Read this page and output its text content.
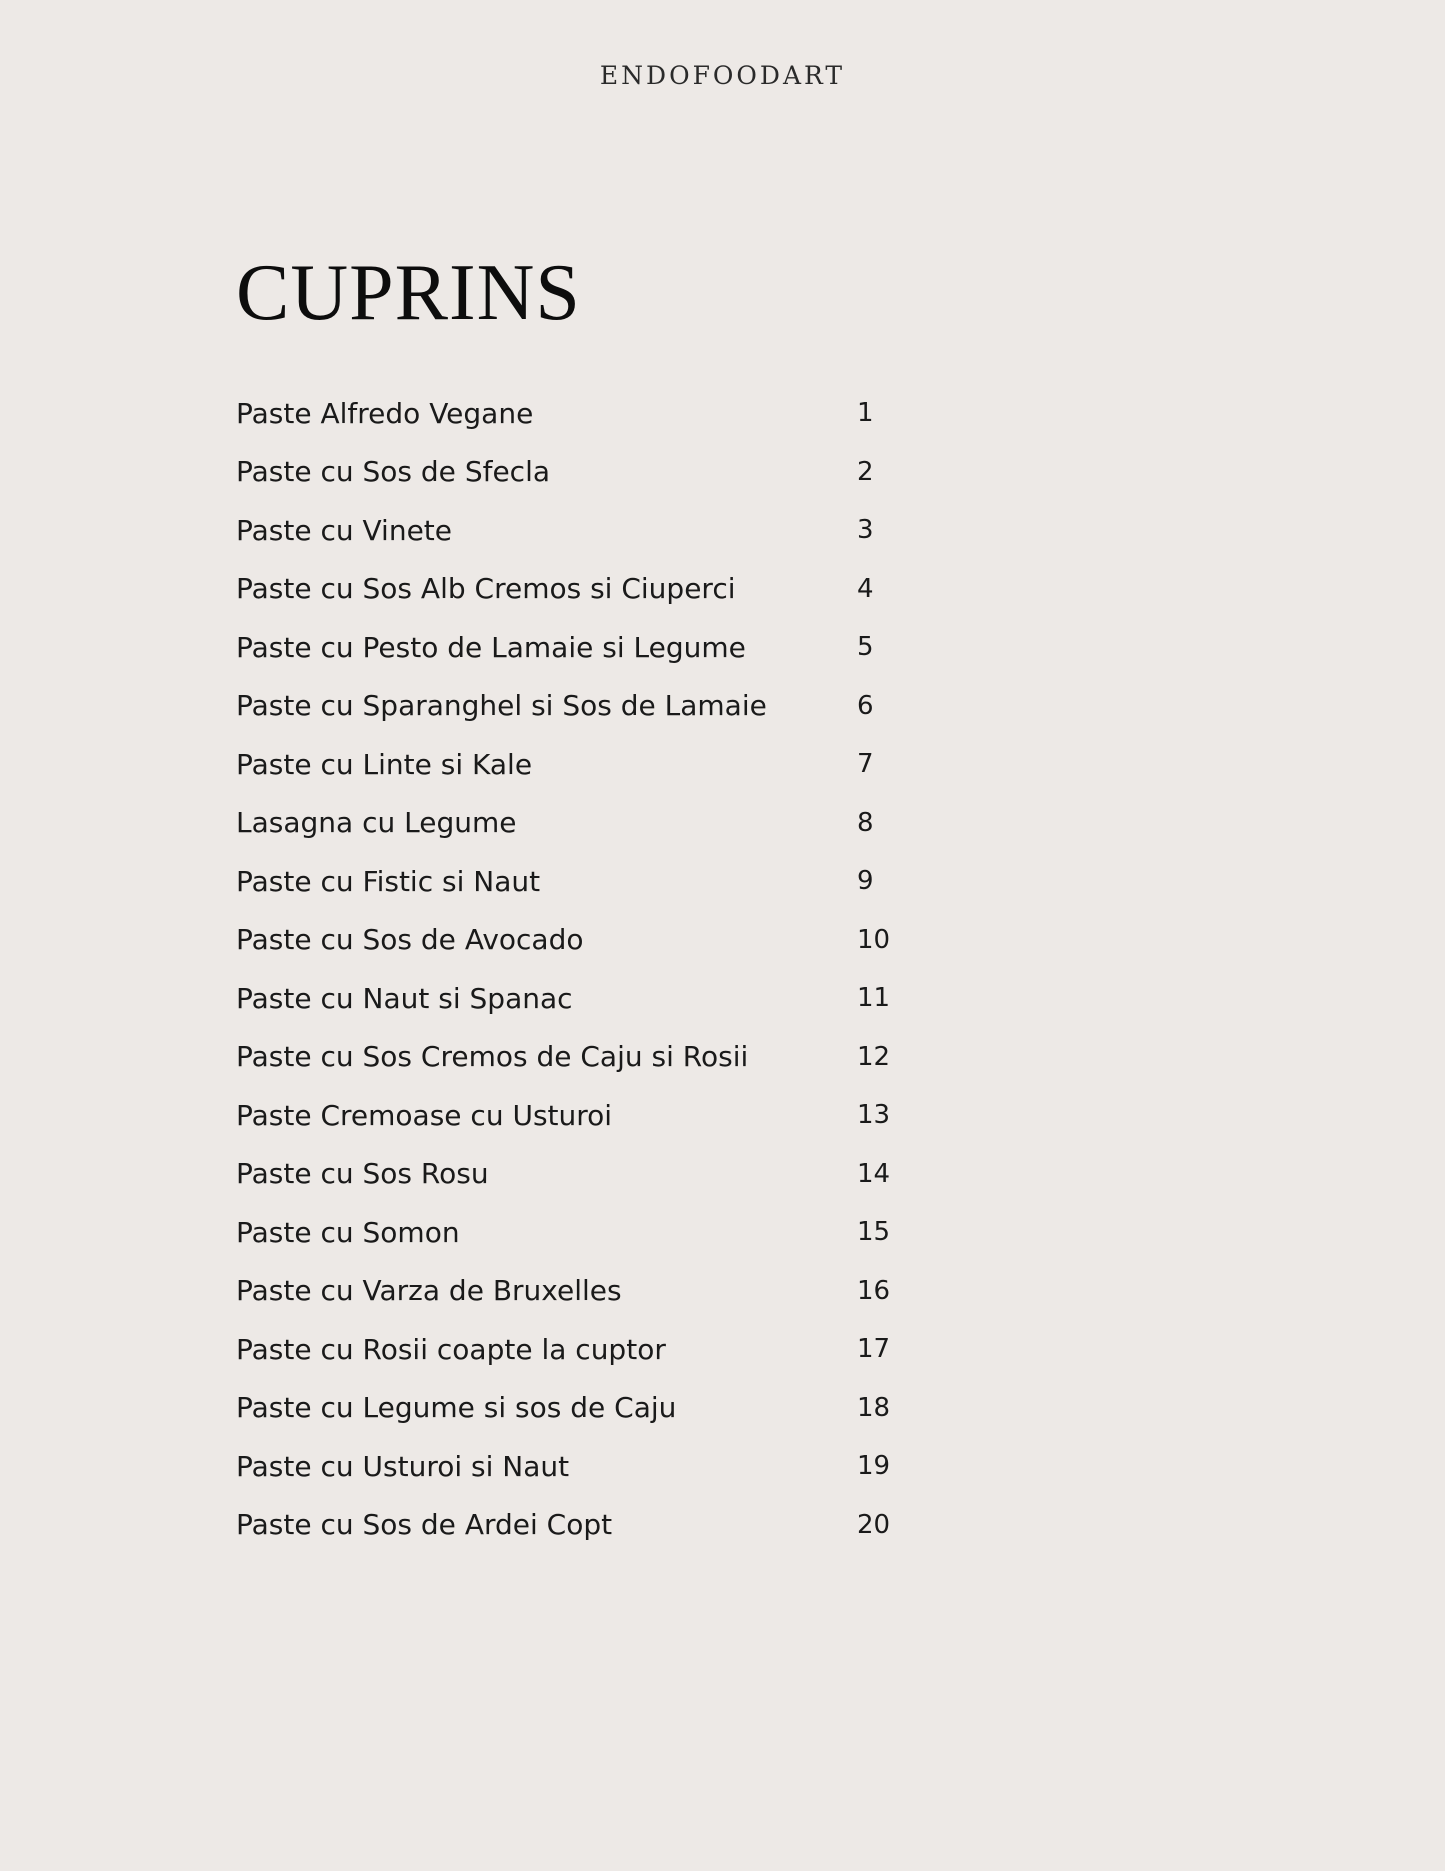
ENDOFOODART
CUPRINS
Paste Alfredo Vegane	1
Paste cu Sos de Sfecla	2
Paste cu Vinete	3
Paste cu Sos Alb Cremos si Ciuperci	4
Paste cu Pesto de Lamaie si Legume	5
Paste cu Sparanghel si Sos de Lamaie	6
Paste cu Linte si Kale	7
Lasagna cu Legume	8
Paste cu Fistic si Naut	9
Paste cu Sos de Avocado	10
Paste cu Naut si Spanac	11
Paste cu Sos Cremos de Caju si Rosii	12
Paste Cremoase cu Usturoi	13
Paste cu Sos Rosu	14
Paste cu Somon	15
Paste cu Varza de Bruxelles	16
Paste cu Rosii coapte la cuptor	17
Paste cu Legume si sos de Caju	18
Paste cu Usturoi si Naut	19
Paste cu Sos de Ardei Copt	20
